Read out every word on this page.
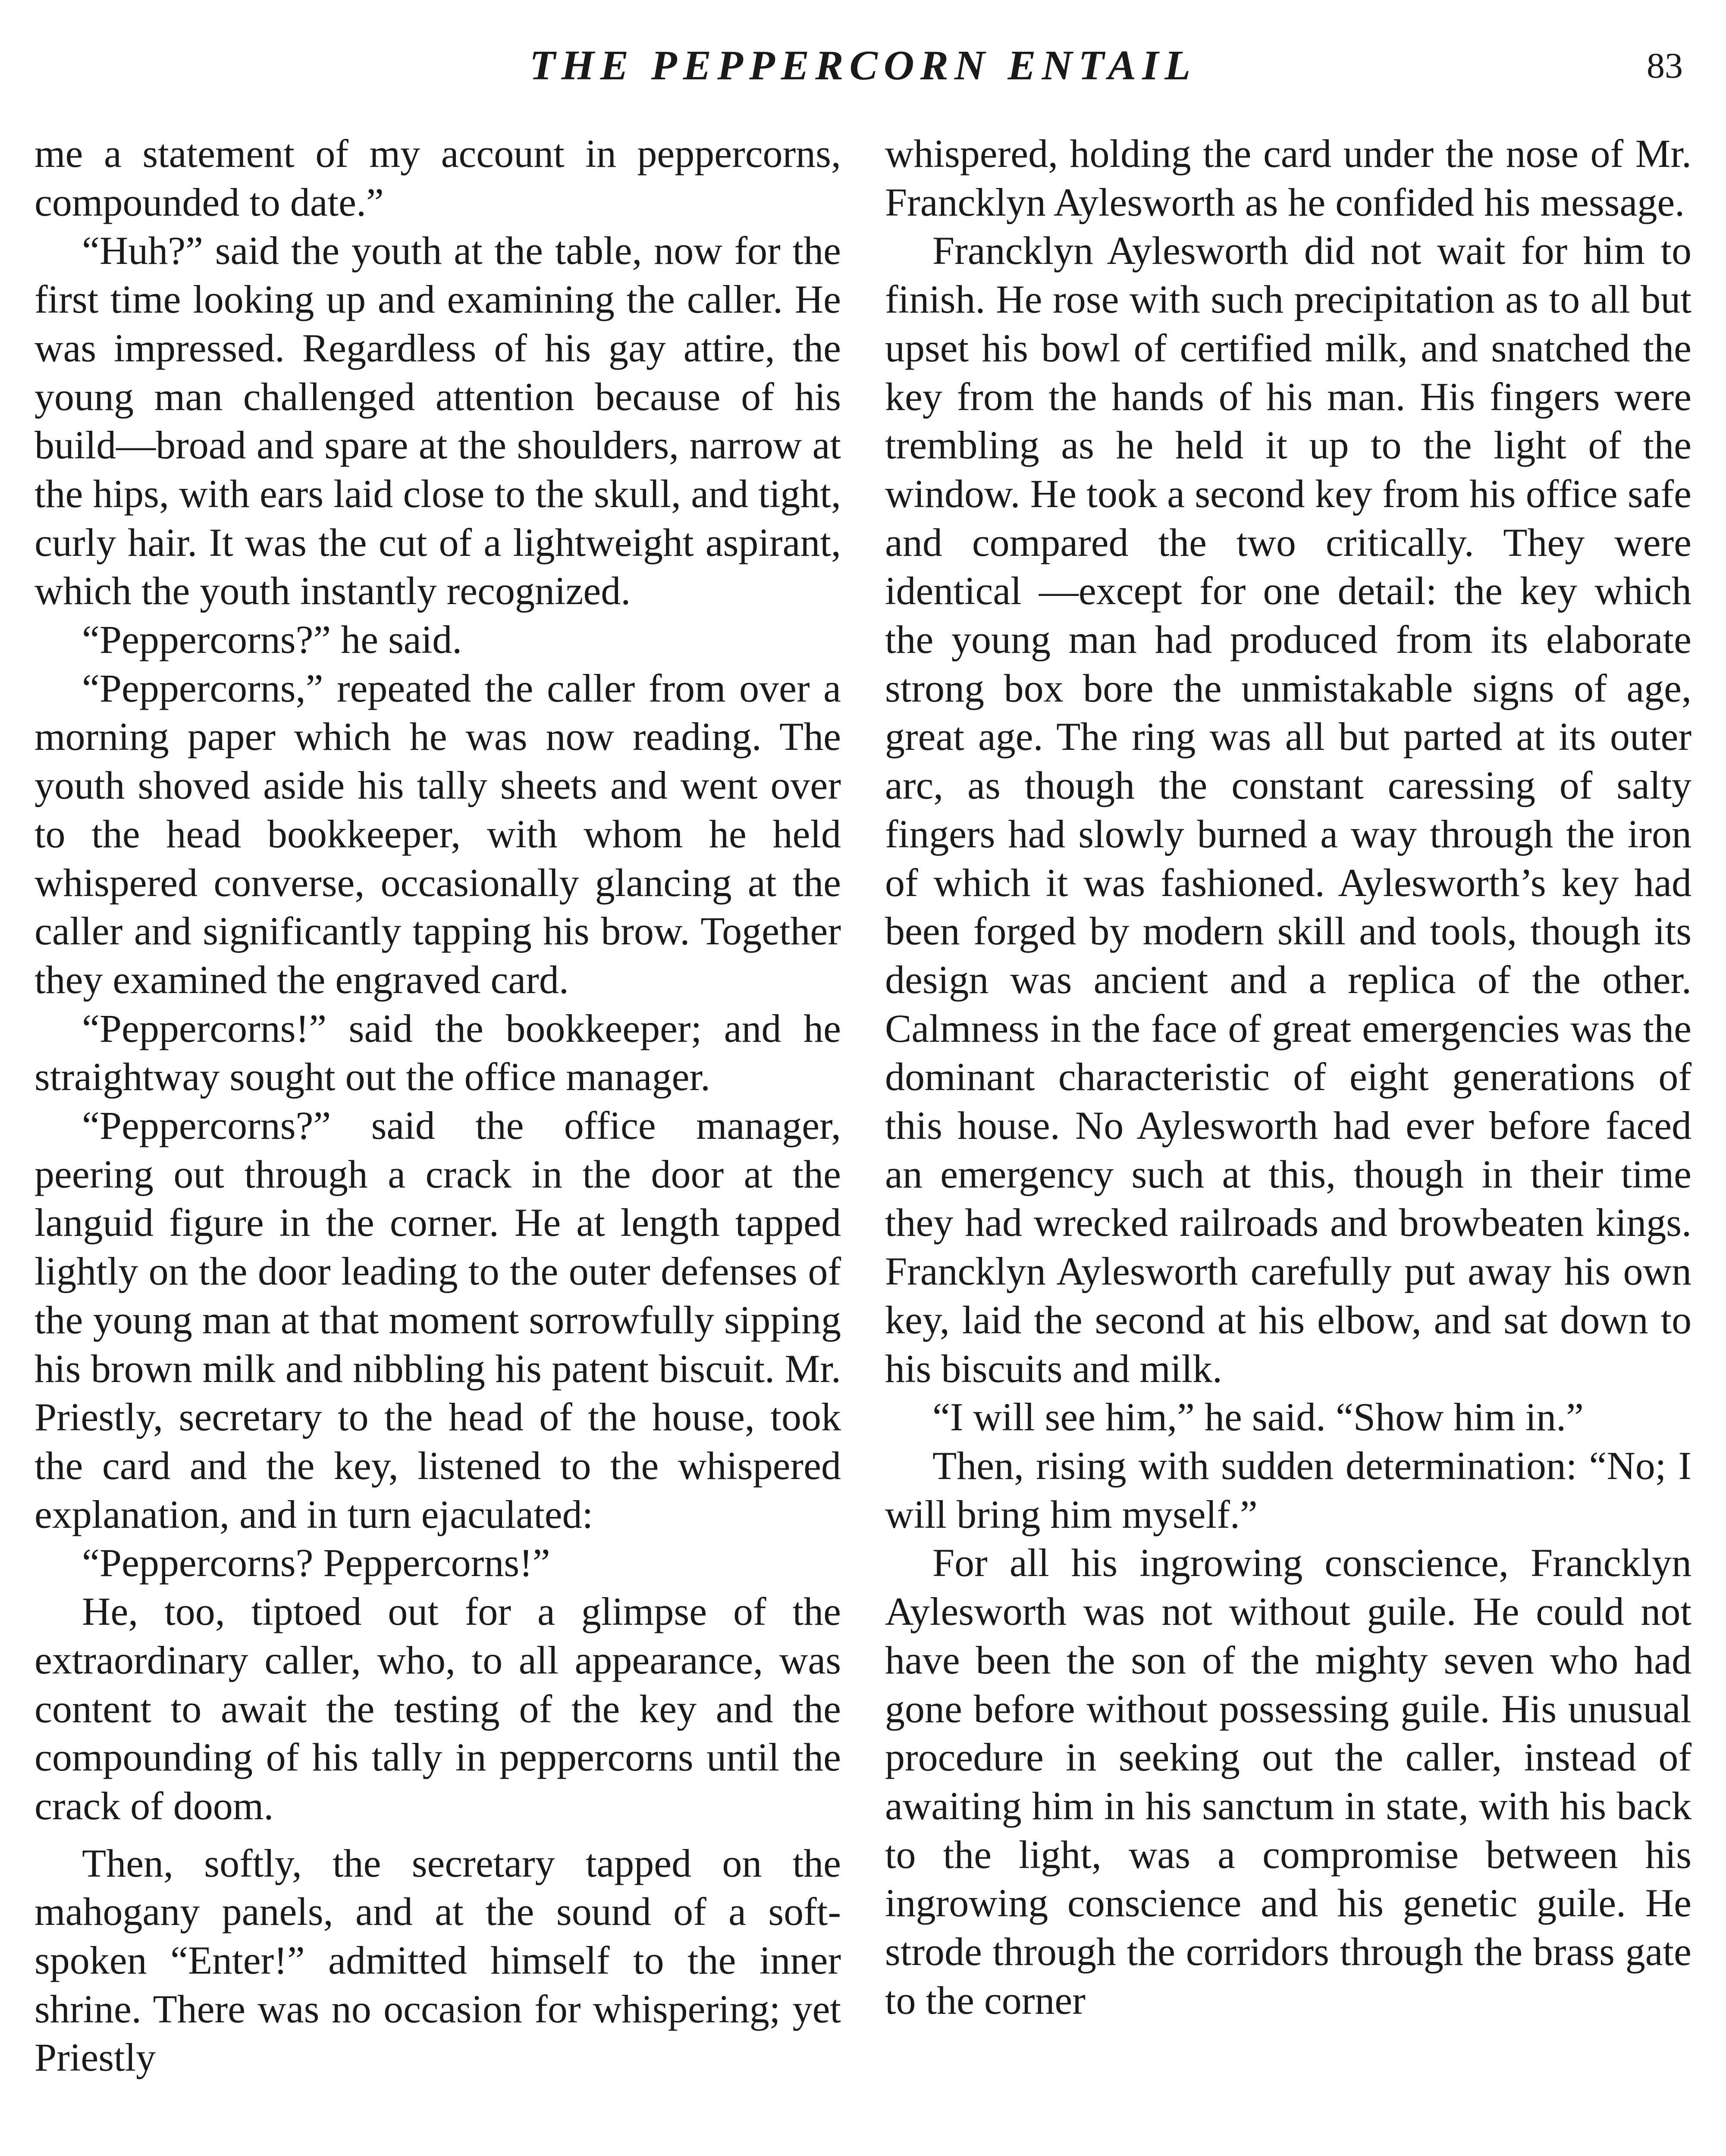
THE PEPPERCORN ENTAIL	83

me a statement of my account in peppercorns, compounded to date.”

“Huh?” said the youth at the table, now for the first time looking up and examining the caller. He was impressed. Regardless of his gay attire, the young man challenged attention because of his build—broad and spare at the shoulders, narrow at the hips, with ears laid close to the skull, and tight, curly hair. It was the cut of a lightweight aspirant, which the youth instantly recognized.

“Peppercorns?” he said.

“Peppercorns,” repeated the caller from over a morning paper which he was now reading. The youth shoved aside his tally sheets and went over to the head bookkeeper, with whom he held whispered converse, occasionally glancing at the caller and significantly tapping his brow. Together they examined the engraved card.

“Peppercorns!” said the bookkeeper; and he straightway sought out the office manager.

“Peppercorns?” said the office manager, peering out through a crack in the door at the languid figure in the corner. He at length tapped lightly on the door leading to the outer defenses of the young man at that moment sorrowfully sipping his brown milk and nibbling his patent biscuit. Mr. Priestly, secretary to the head of the house, took the card and the key, listened to the whispered explanation, and in turn ejaculated:

“Peppercorns? Peppercorns!”

He, too, tiptoed out for a glimpse of the extraordinary caller, who, to all appearance, was content to await the testing of the key and the compounding of his tally in peppercorns until the crack of doom.

Then, softly, the secretary tapped on the mahogany panels, and at the sound of a soft-spoken “Enter!” admitted himself to the inner shrine. There was no occasion for whispering; yet Priestly

whispered, holding the card under the nose of Mr. Francklyn Aylesworth as he confided his message.

Francklyn Aylesworth did not wait for him to finish. He rose with such precipitation as to all but upset his bowl of certified milk, and snatched the key from the hands of his man. His fingers were trembling as he held it up to the light of the window. He took a second key from his office safe and compared the two critically. They were identical —except for one detail: the key which the young man had produced from its elaborate strong box bore the unmistakable signs of age, great age. The ring was all but parted at its outer arc, as though the constant caressing of salty fingers had slowly burned a way through the iron of which it was fashioned. Aylesworth’s key had been forged by modern skill and tools, though its design was ancient and a replica of the other. Calmness in the face of great emergencies was the dominant characteristic of eight generations of this house. No Aylesworth had ever before faced an emergency such at this, though in their time they had wrecked railroads and browbeaten kings. Francklyn Aylesworth carefully put away his own key, laid the second at his elbow, and sat down to his biscuits and milk.

“I will see him,” he said. “Show him in.”

Then, rising with sudden determination: “No; I will bring him myself.”

For all his ingrowing conscience, Francklyn Aylesworth was not without guile. He could not have been the son of the mighty seven who had gone before without possessing guile. His unusual procedure in seeking out the caller, instead of awaiting him in his sanctum in state, with his back to the light, was a compromise between his ingrowing conscience and his genetic guile. He strode through the corridors through the brass gate to the corner
